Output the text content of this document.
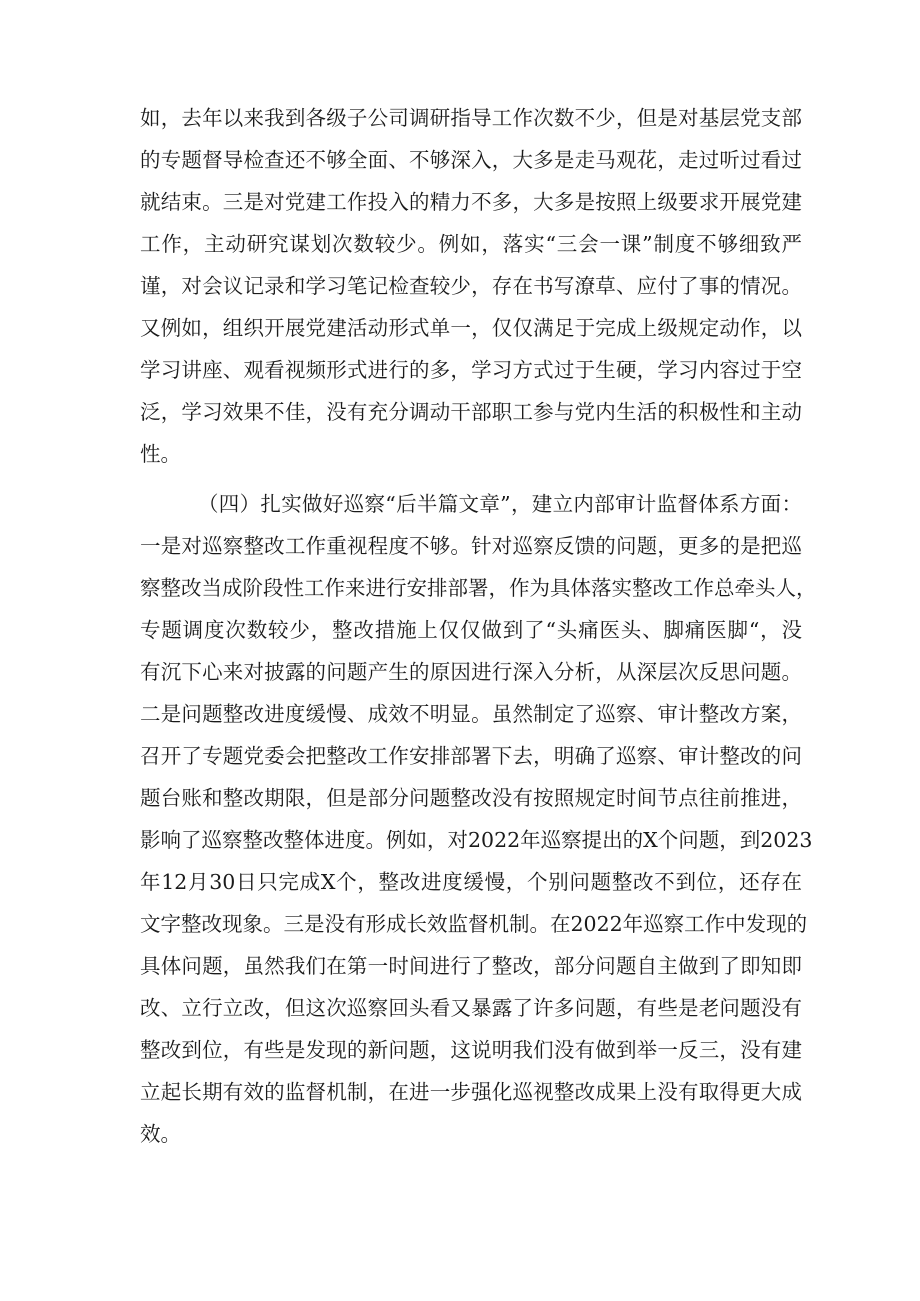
如，去年以来我到各级子公司调研指导工作次数不少，但是对基层党支部
的专题督导检查还不够全面、不够深入，大多是走马观花，走过听过看过
就结束。三是对党建工作投入的精力不多，大多是按照上级要求开展党建
工作，主动研究谋划次数较少。例如，落实“三会一课”制度不够细致严
谨，对会议记录和学习笔记检查较少，存在书写潦草、应付了事的情况。
又例如，组织开展党建活动形式单一，仅仅满足于完成上级规定动作，以
学习讲座、观看视频形式进行的多，学习方式过于生硬，学习内容过于空
泛，学习效果不佳，没有充分调动干部职工参与党内生活的积极性和主动
性。
（四）扎实做好巡察“后半篇文章”，建立内部审计监督体系方面：
一是对巡察整改工作重视程度不够。针对巡察反馈的问题，更多的是把巡
察整改当成阶段性工作来进行安排部署，作为具体落实整改工作总牵头人，
专题调度次数较少，整改措施上仅仅做到了“头痛医头、脚痛医脚“，没
有沉下心来对披露的问题产生的原因进行深入分析，从深层次反思问题。
二是问题整改进度缓慢、成效不明显。虽然制定了巡察、审计整改方案，
召开了专题党委会把整改工作安排部署下去，明确了巡察、审计整改的问
题台账和整改期限，但是部分问题整改没有按照规定时间节点往前推进，
影响了巡察整改整体进度。例如，对2022年巡察提出的X个问题，到2023
年12月30日只完成X个，整改进度缓慢，个别问题整改不到位，还存在
文字整改现象。三是没有形成长效监督机制。在2022年巡察工作中发现的
具体问题，虽然我们在第一时间进行了整改，部分问题自主做到了即知即
改、立行立改，但这次巡察回头看又暴露了许多问题，有些是老问题没有
整改到位，有些是发现的新问题，这说明我们没有做到举一反三，没有建
立起长期有效的监督机制，在进一步强化巡视整改成果上没有取得更大成
效。
